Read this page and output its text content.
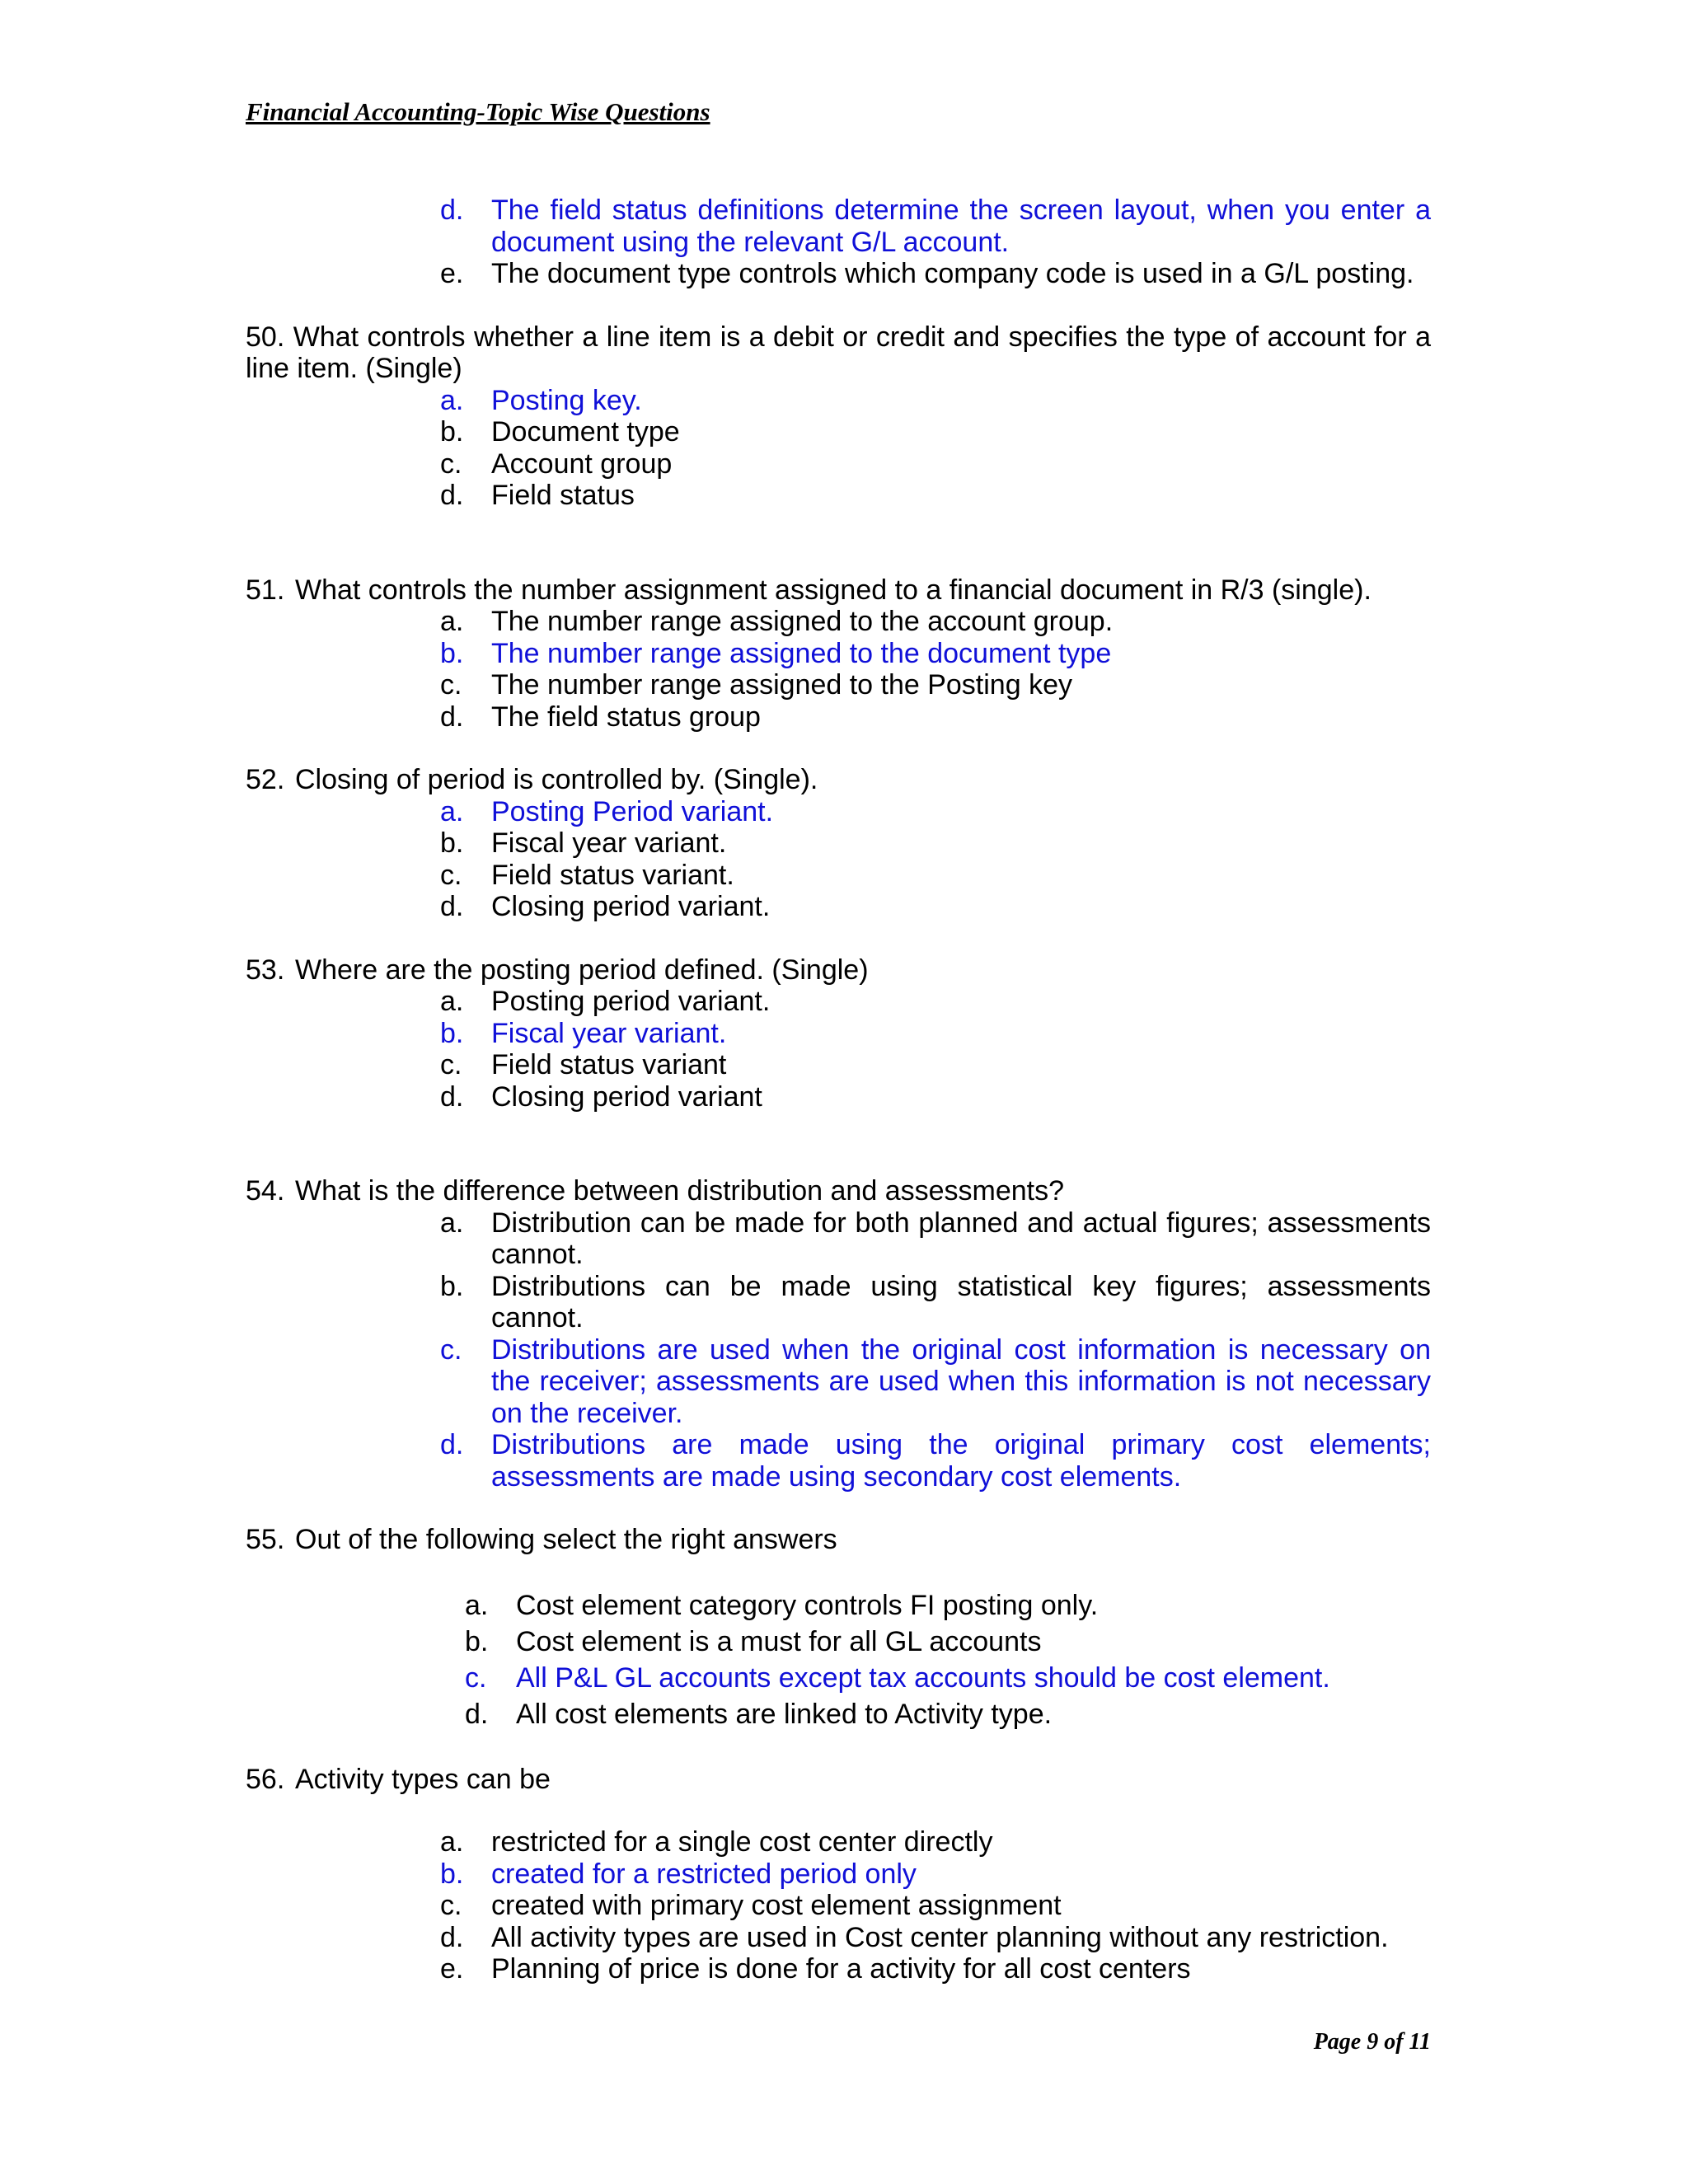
Financial Accounting-Topic Wise Questions
d. The field status definitions determine the screen layout, when you enter a document using the relevant G/L account.
e. The document type controls which company code is used in a G/L posting.

50. What controls whether a line item is a debit or credit and specifies the type of account for a line item. (Single)

a. Posting key.
b. Document type
c.	Account group
d. Field status

51. What controls the number assignment assigned to a financial document in R/3 (single).

a. The number range assigned to the account group.
b. The number range assigned to the document type
c.	The number range assigned to the Posting key
d. The field status group

52. Closing of period is controlled by. (Single).

a. Posting Period variant.
b. Fiscal year variant.
c.	Field status variant.
d. Closing period variant.

53. Where are the posting period defined. (Single)

a. Posting period variant.
b. Fiscal year variant.
c.	Field status variant
d. Closing period variant

54. What is the difference between distribution and assessments?

a. Distribution can be made for both planned and actual figures; assessments cannot.
b. Distributions can be made using statistical key figures; assessments cannot.
c.	Distributions are used when the original cost information is necessary on the receiver; assessments are used when this information is not necessary on the receiver.
d. Distributions are made using the original primary cost elements; assessments are made using secondary cost elements.

55. Out of the following select the right answers

a. Cost element category controls FI posting only.
b. Cost element is a must for all GL accounts
c.	All P&L GL accounts except tax accounts should be cost element.
d. All cost elements are linked to Activity type.

56. Activity types can be

a. restricted for a single cost center directly
b. created for a restricted period only
c.	created with primary cost element assignment
d. All activity types are used in Cost center planning without any restriction.
e. Planning of price is done for a activity for all cost centers
Page 9 of 11
